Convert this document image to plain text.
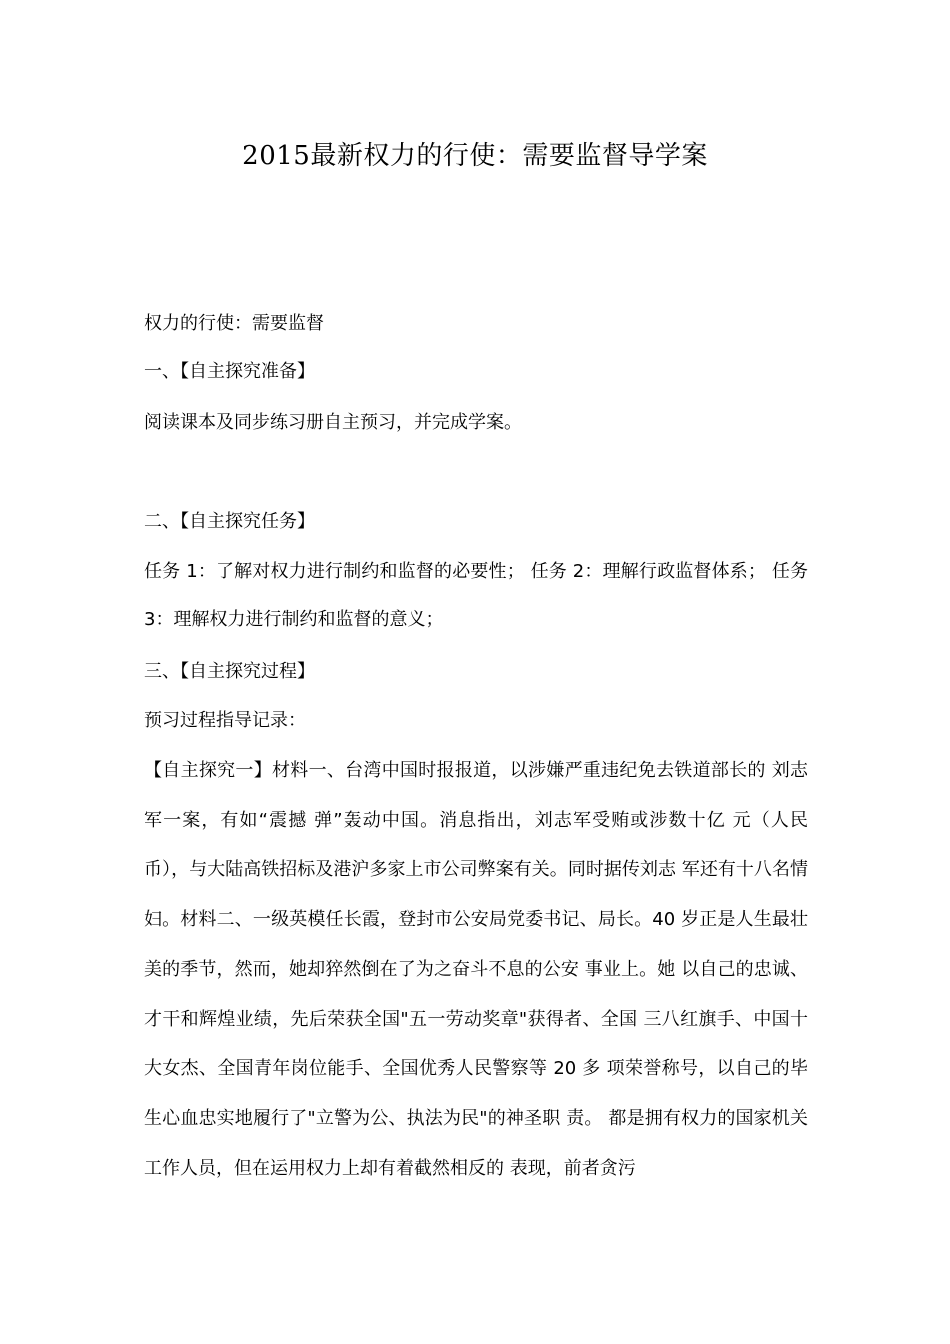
2015最新权力的行使：需要监督导学案

权力的行使：需要监督

一、【自主探究准备】

阅读课本及同步练习册自主预习，并完成学案。

二、【自主探究任务】

任务 1：了解对权力进行制约和监督的必要性； 任务 2：理解行政监督体系； 任务 3：理解权力进行制约和监督的意义；

三、【自主探究过程】

预习过程指导记录：

【自主探究一】材料一、台湾中国时报报道，以涉嫌严重违纪免去铁道部长的 刘志军一案，有如“震撼 弹”轰动中国。消息指出，刘志军受贿或涉数十亿 元（人民币），与大陆高铁招标及港沪多家上市公司弊案有关。同时据传刘志 军还有十八名情妇。材料二、一级英模任长霞，登封市公安局党委书记、局长。40 岁正是人生最壮美的季节，然而，她却猝然倒在了为之奋斗不息的公安 事业上。她 以自己的忠诚、才干和辉煌业绩，先后荣获全国"五一劳动奖章"获得者、全国 三八红旗手、中国十大女杰、全国青年岗位能手、全国优秀人民警察等 20 多 项荣誉称号，以自己的毕生心血忠实地履行了"立警为公、执法为民"的神圣职 责。 都是拥有权力的国家机关工作人员，但在运用权力上却有着截然相反的 表现，前者贪污
